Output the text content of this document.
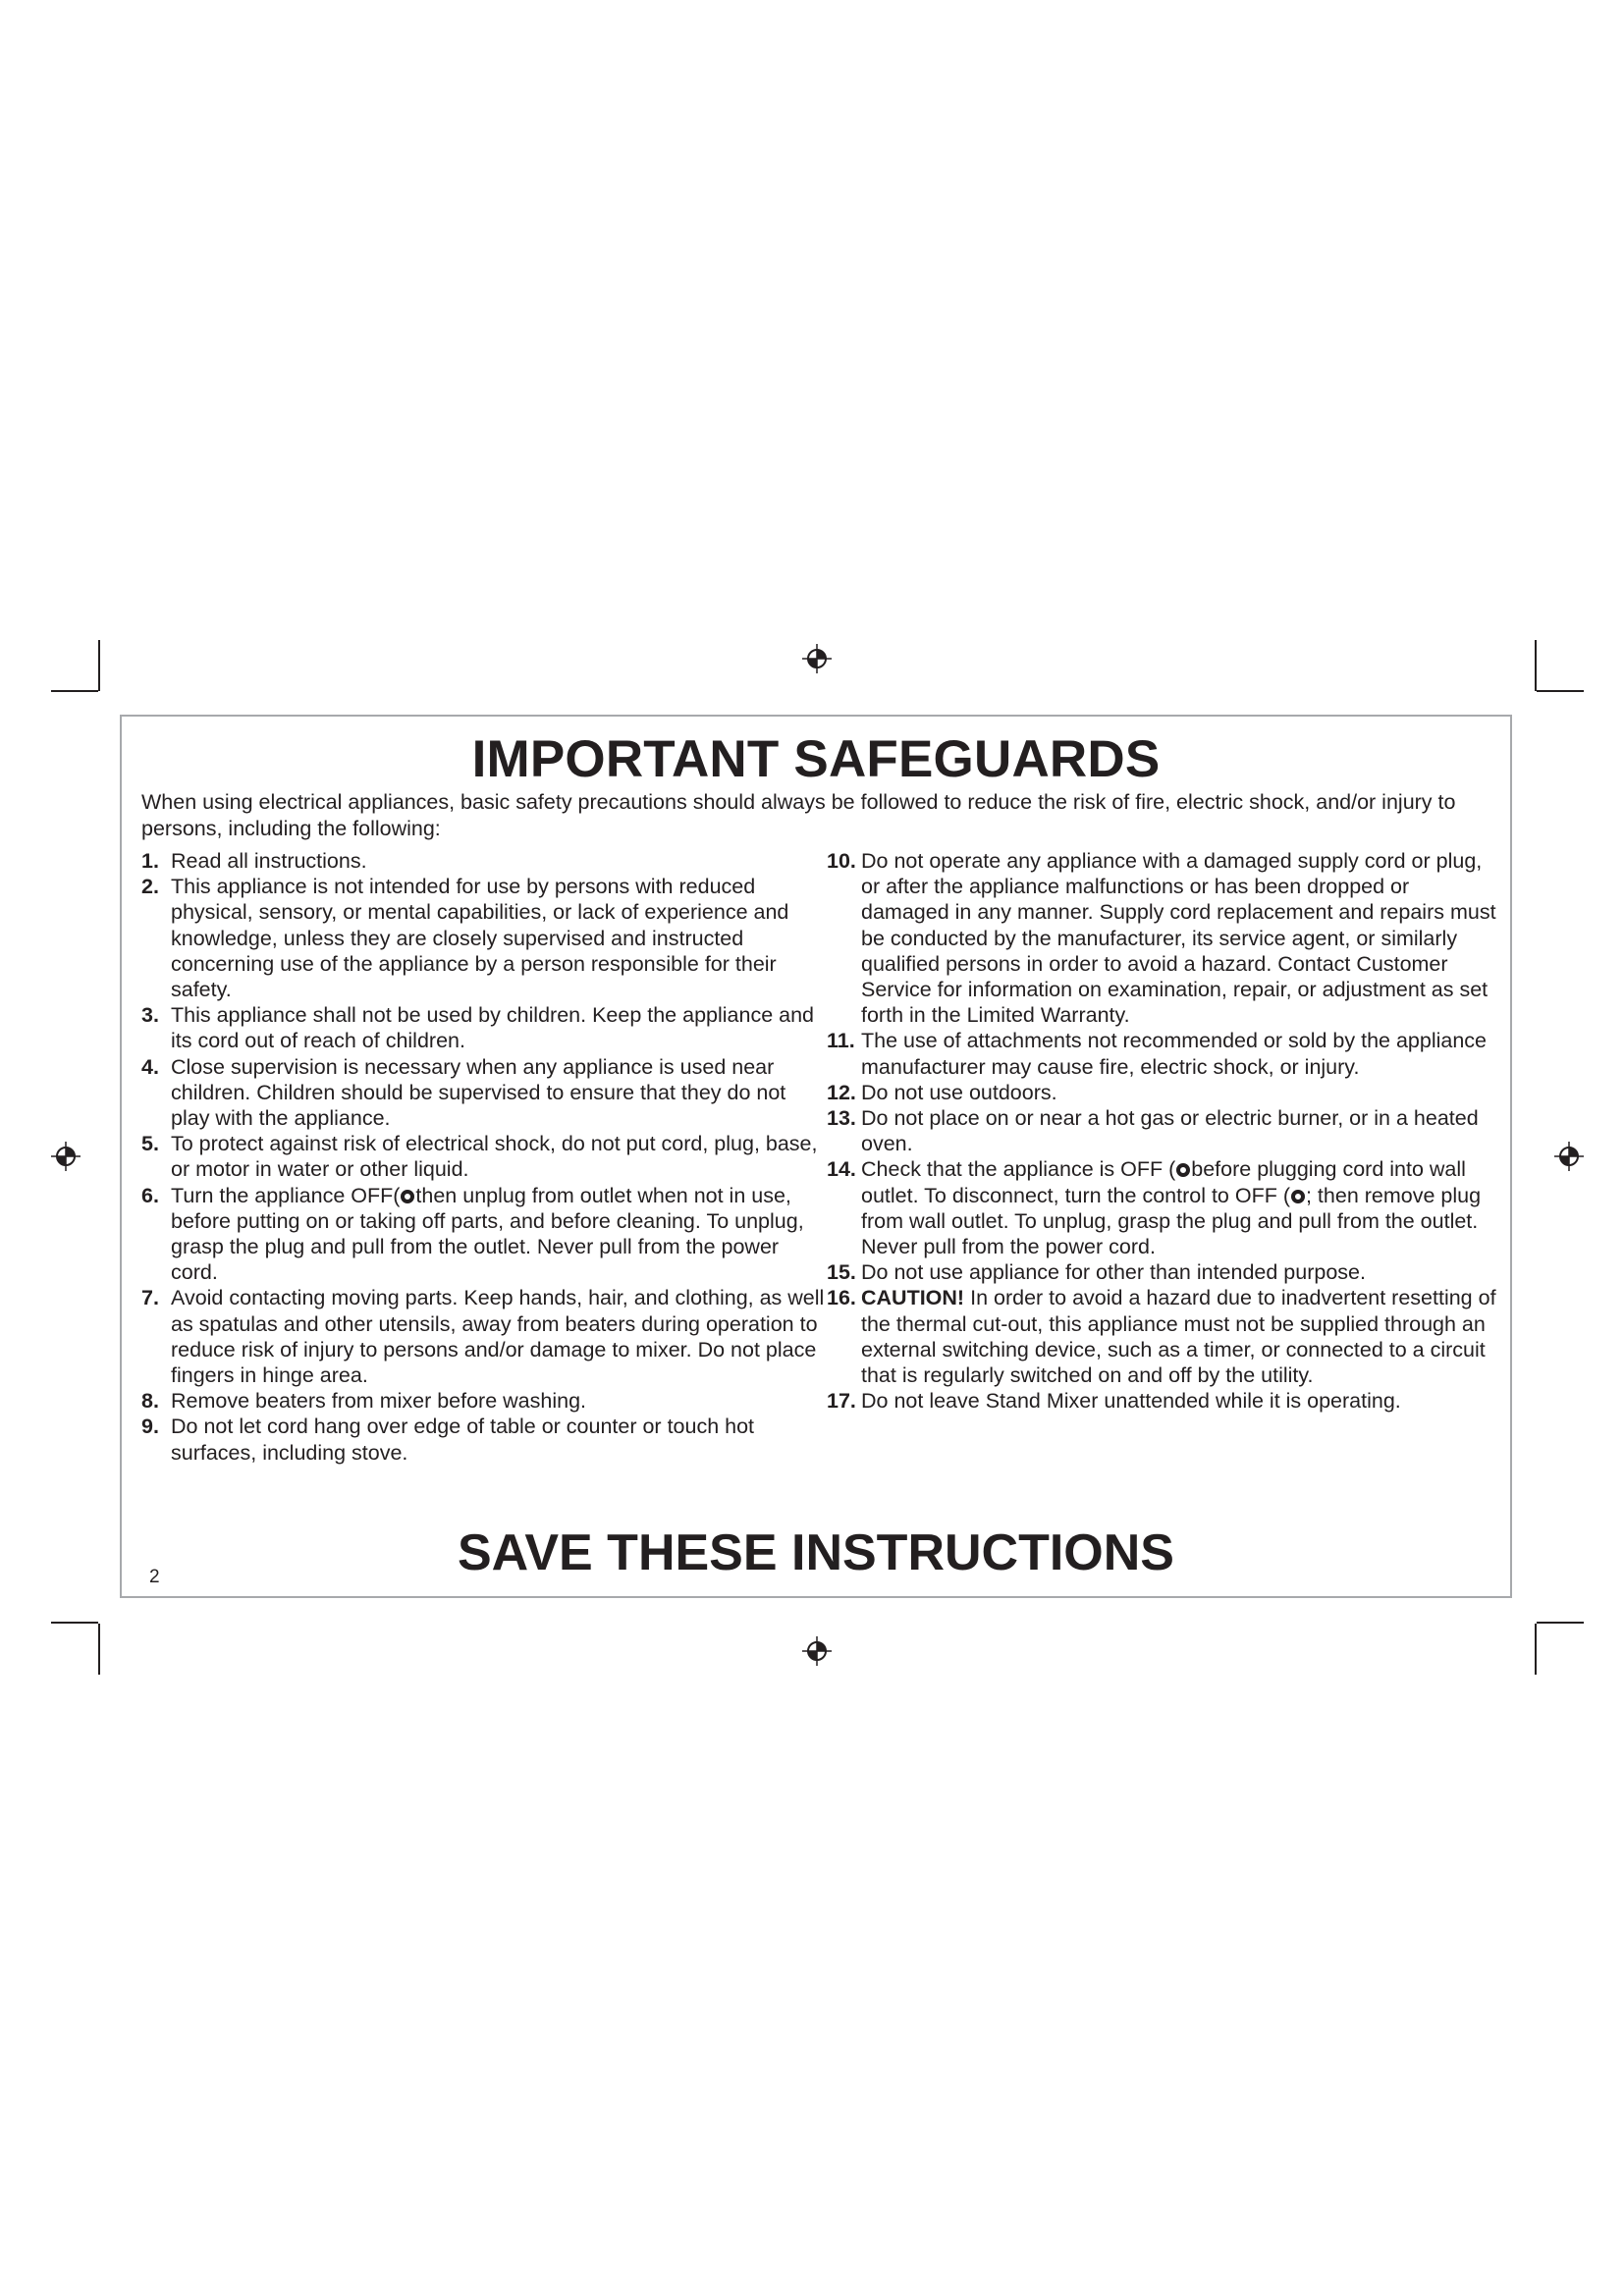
IMPORTANT SAFEGUARDS

When using electrical appliances, basic safety precautions should always be followed to reduce the risk of fire, electric shock, and/or injury to persons, including the following:

1. Read all instructions.
2. This appliance is not intended for use by persons with reduced physical, sensory, or mental capabilities, or lack of experience and knowledge, unless they are closely supervised and instructed concerning use of the appliance by a person responsible for their safety.
3. This appliance shall not be used by children. Keep the appliance and its cord out of reach of children.
4. Close supervision is necessary when any appliance is used near children. Children should be supervised to ensure that they do not play with the appliance.
5. To protect against risk of electrical shock, do not put cord, plug, base, or motor in water or other liquid.
6. Turn the appliance OFF( then unplug from outlet when not in use, before putting on or taking off parts, and before cleaning. To unplug, grasp the plug and pull from the outlet. Never pull from the power cord.
7. Avoid contacting moving parts. Keep hands, hair, and clothing, as well as spatulas and other utensils, away from beaters during operation to reduce risk of injury to persons and/or damage to mixer. Do not place fingers in hinge area.
8. Remove beaters from mixer before washing.
9. Do not let cord hang over edge of table or counter or touch hot surfaces, including stove.
10. Do not operate any appliance with a damaged supply cord or plug, or after the appliance malfunctions or has been dropped or damaged in any manner. Supply cord replacement and repairs must be conducted by the manufacturer, its service agent, or similarly qualified persons in order to avoid a hazard. Contact Customer Service for information on examination, repair, or adjustment as set forth in the Limited Warranty.
11. The use of attachments not recommended or sold by the appliance manufacturer may cause fire, electric shock, or injury.
12. Do not use outdoors.
13. Do not place on or near a hot gas or electric burner, or in a heated oven.
14. Check that the appliance is OFF ( before plugging cord into wall outlet. To disconnect, turn the control to OFF ( ; then remove plug from wall outlet. To unplug, grasp the plug and pull from the outlet. Never pull from the power cord.
15. Do not use appliance for other than intended purpose.
16. CAUTION! In order to avoid a hazard due to inadvertent resetting of the thermal cut-out, this appliance must not be supplied through an external switching device, such as a timer, or connected to a circuit that is regularly switched on and off by the utility.
17. Do not leave Stand Mixer unattended while it is operating.
SAVE THESE INSTRUCTIONS
2
